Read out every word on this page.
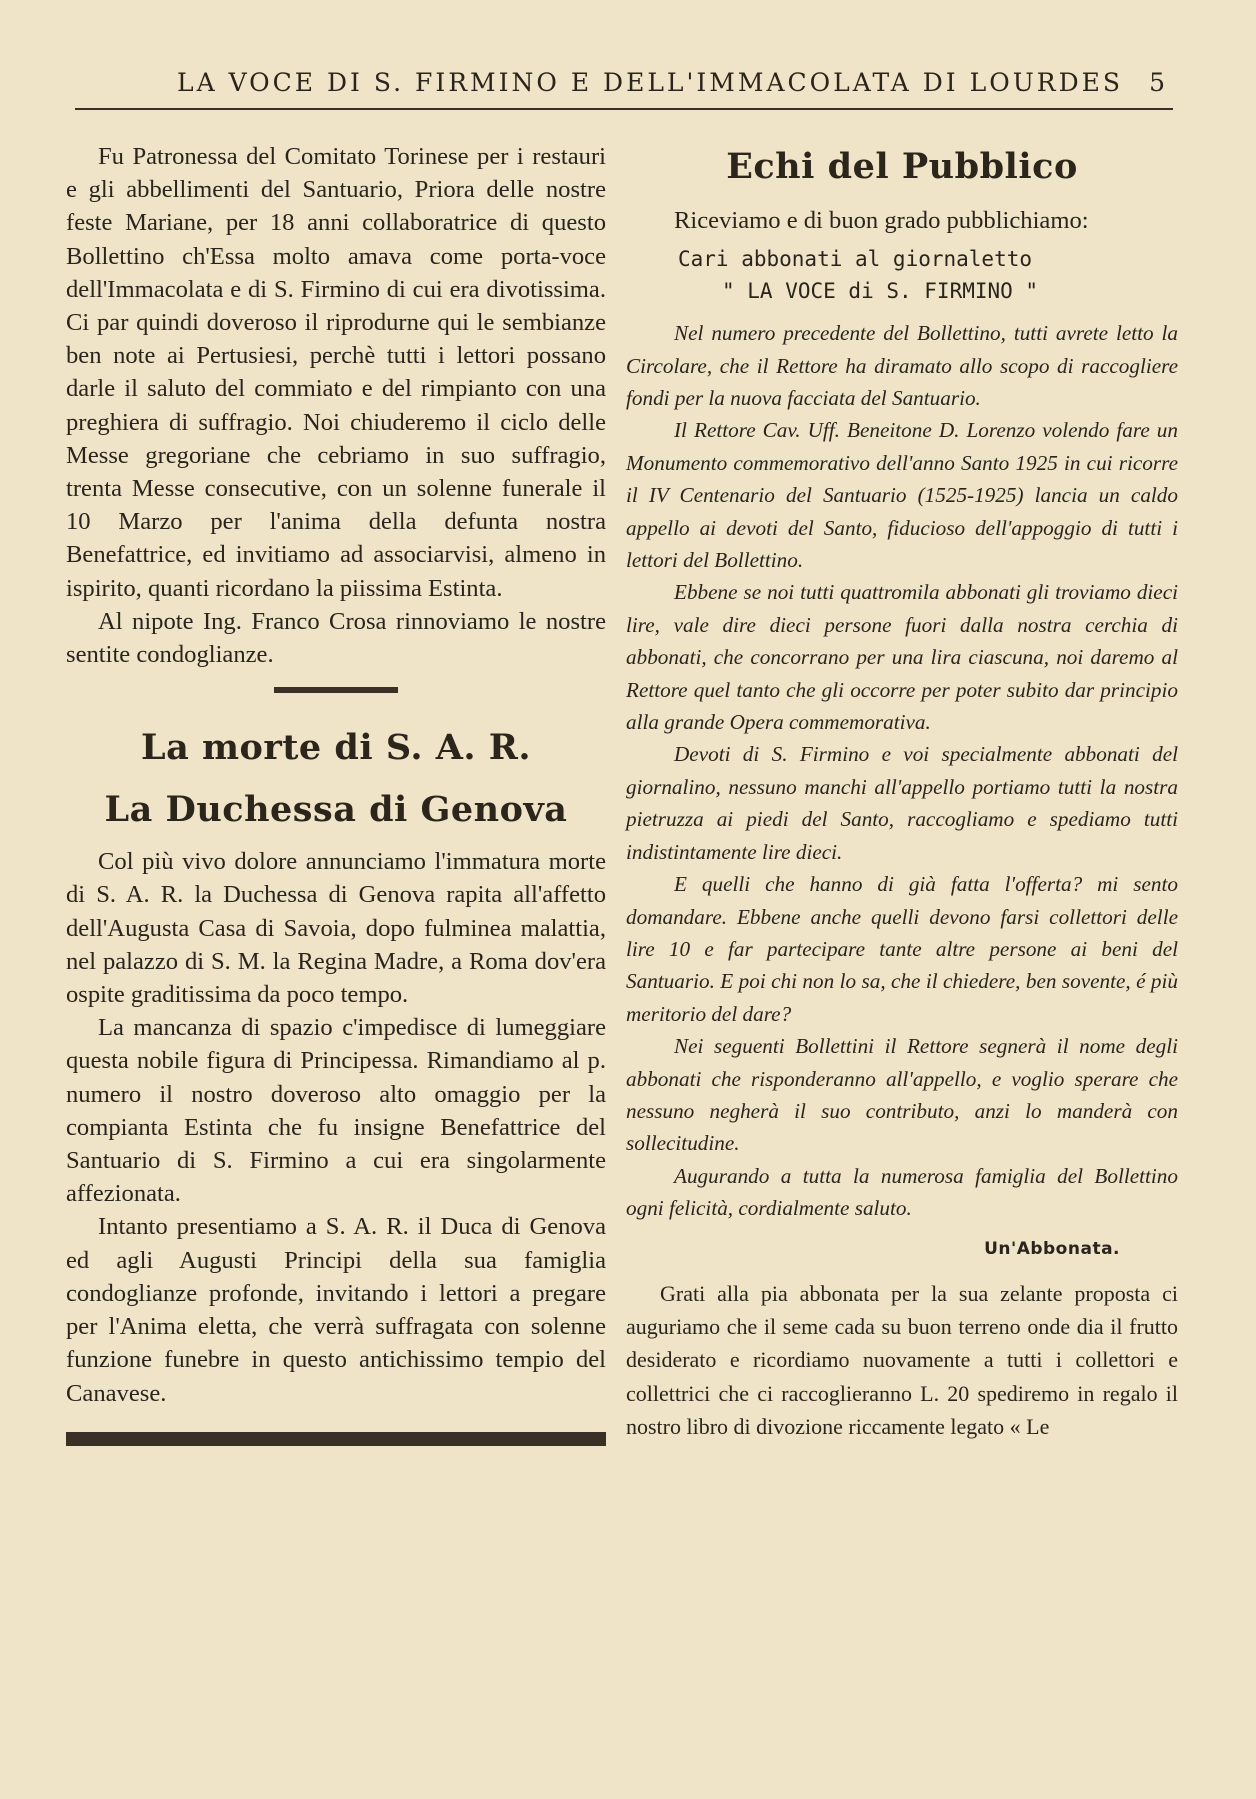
LA VOCE DI S. FIRMINO E DELL'IMMACOLATA DI LOURDES	5

Fu Patronessa del Comitato Torinese per i restauri e gli abbellimenti del Santuario, Priora delle nostre feste Mariane, per 18 anni collaboratrice di questo Bollettino ch'Essa molto amava come porta-voce dell'Immacolata e di S. Firmino di cui era divotissima. Ci par quindi doveroso il riprodurne qui le sembianze ben note ai Pertusiesi, perchè tutti i lettori possano darle il saluto del commiato e del rimpianto con una preghiera di suffragio. Noi chiuderemo il ciclo delle Messe gregoriane che cebriamo in suo suffragio, trenta Messe consecutive, con un solenne funerale il 10 Marzo per l'anima della defunta nostra Benefattrice, ed invitiamo ad associarvisi, almeno in ispirito, quanti ricordano la piissima Estinta.

Al nipote Ing. Franco Crosa rinnoviamo le nostre sentite condoglianze.

La morte di S. A. R.
La Duchessa di Genova

Col più vivo dolore annunciamo l'immatura morte di S. A. R. la Duchessa di Genova rapita all'affetto dell'Augusta Casa di Savoia, dopo fulminea malattia, nel palazzo di S. M. la Regina Madre, a Roma dov'era ospite graditissima da poco tempo.

La mancanza di spazio c'impedisce di lumeggiare questa nobile figura di Principessa. Rimandiamo al p. numero il nostro doveroso alto omaggio per la compianta Estinta che fu insigne Benefattrice del Santuario di S. Firmino a cui era singolarmente affezionata.

Intanto presentiamo a S. A. R. il Duca di Genova ed agli Augusti Principi della sua famiglia condoglianze profonde, invitando i lettori a pregare per l'Anima eletta, che verrà suffragata con solenne funzione funebre in questo antichissimo tempio del Canavese.

Echi del Pubblico

Riceviamo e di buon grado pubblichiamo:

Cari abbonati al giornaletto
" LA VOCE di S. FIRMINO "

Nel numero precedente del Bollettino, tutti avrete letto la Circolare, che il Rettore ha diramato allo scopo di raccogliere fondi per la nuova facciata del Santuario.

Il Rettore Cav. Uff. Beneitone D. Lorenzo volendo fare un Monumento commemorativo dell'anno Santo 1925 in cui ricorre il IV Centenario del Santuario (1525-1925) lancia un caldo appello ai devoti del Santo, fiducioso dell'appoggio di tutti i lettori del Bollettino.

Ebbene se noi tutti quattromila abbonati gli troviamo dieci lire, vale dire dieci persone fuori dalla nostra cerchia di abbonati, che concorrano per una lira ciascuna, noi daremo al Rettore quel tanto che gli occorre per poter subito dar principio alla grande Opera commemorativa.

Devoti di S. Firmino e voi specialmente abbonati del giornalino, nessuno manchi all'appello portiamo tutti la nostra pietruzza ai piedi del Santo, raccogliamo e spediamo tutti indistintamente lire dieci.

E quelli che hanno di già fatta l'offerta? mi sento domandare. Ebbene anche quelli devono farsi collettori delle lire 10 e far partecipare tante altre persone ai beni del Santuario. E poi chi non lo sa, che il chiedere, ben sovente, é più meritorio del dare?

Nei seguenti Bollettini il Rettore segnerà il nome degli abbonati che risponderanno all'appello, e voglio sperare che nessuno negherà il suo contributo, anzi lo manderà con sollecitudine.

Augurando a tutta la numerosa famiglia del Bollettino ogni felicità, cordialmente saluto.

Un'Abbonata.

Grati alla pia abbonata per la sua zelante proposta ci auguriamo che il seme cada su buon terreno onde dia il frutto desiderato e ricordiamo nuovamente a tutti i collettori e collettrici che ci raccoglieranno L. 20 spediremo in regalo il nostro libro di divozione riccamente legato « Le
